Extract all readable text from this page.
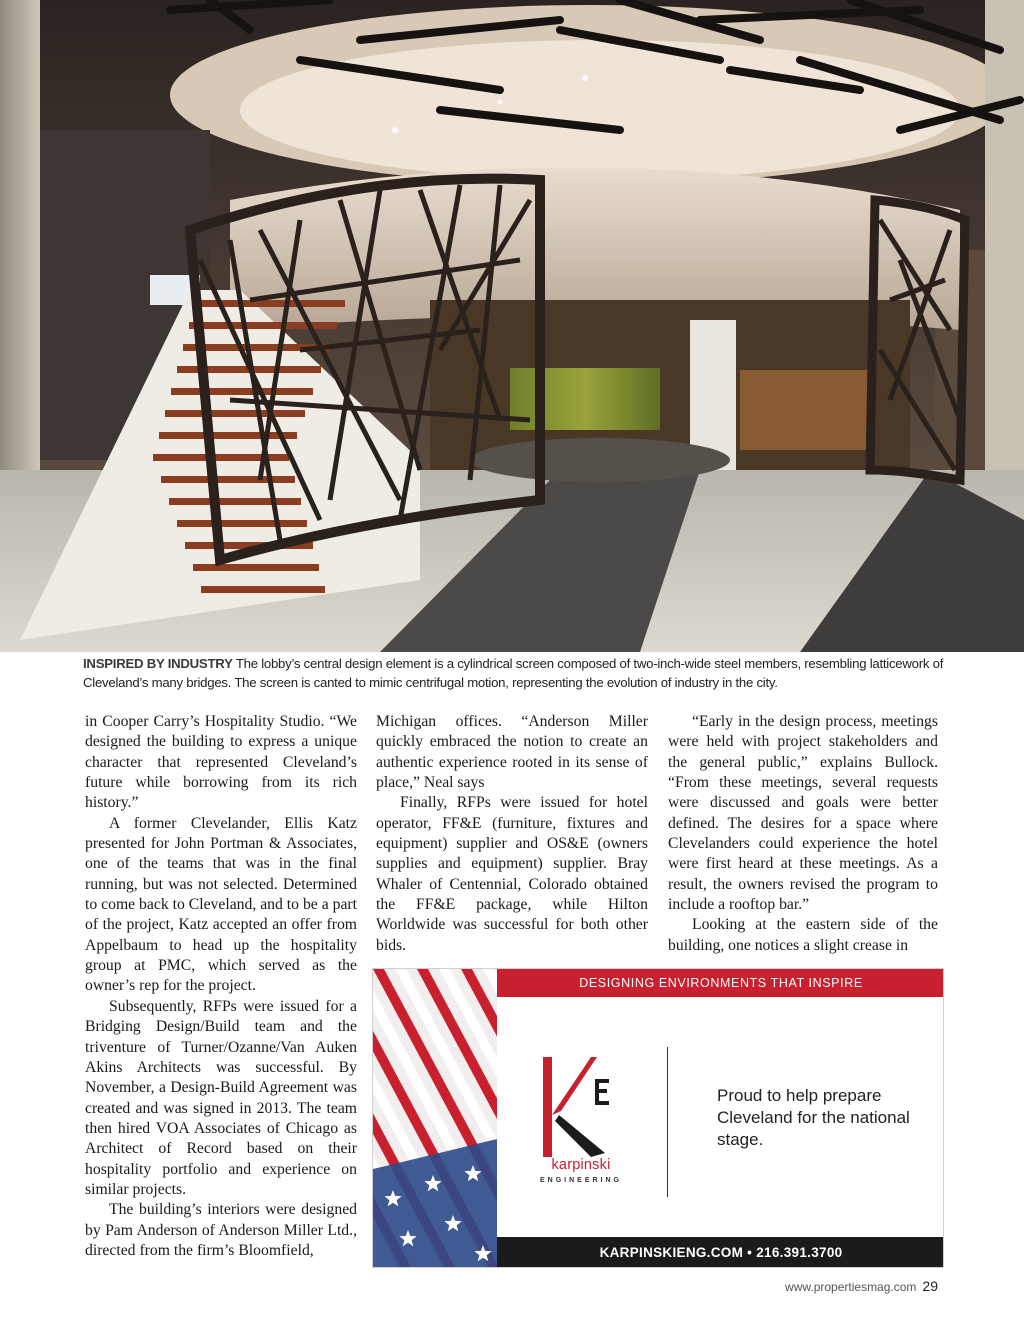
INSPIRED BY INDUSTRY The lobby’s central design element is a cylindrical screen composed of two-inch-wide steel members, resembling latticework of Cleveland’s many bridges. The screen is canted to mimic centrifugal motion, representing the evolution of industry in the city.

in Cooper Carry’s Hospitality Studio. “We designed the building to express a unique character that represented Cleveland’s future while borrowing from its rich history.”

A former Clevelander, Ellis Katz presented for John Portman & Associates, one of the teams that was in the final running, but was not selected. Determined to come back to Cleveland, and to be a part of the project, Katz accepted an offer from Appelbaum to head up the hospitality group at PMC, which served as the owner’s rep for the project.

Subsequently, RFPs were issued for a Bridging Design/Build team and the triventure of Turner/Ozanne/Van Auken Akins Architects was successful. By November, a Design-Build Agreement was created and was signed in 2013. The team then hired VOA Associates of Chicago as Architect of Record based on their hospitality portfolio and experience on similar projects.

The building’s interiors were designed by Pam Anderson of Anderson Miller Ltd., directed from the firm’s Bloomfield,

Michigan offices. “Anderson Miller quickly embraced the notion to create an authentic experience rooted in its sense of place,” Neal says

Finally, RFPs were issued for hotel operator, FF&E (furniture, fixtures and equipment) supplier and OS&E (owners supplies and equipment) supplier. Bray Whaler of Centennial, Colorado obtained the FF&E package, while Hilton Worldwide was successful for both other bids.

“Early in the design process, meetings were held with project stakeholders and the general public,” explains Bullock. “From these meetings, several requests were discussed and goals were better defined. The desires for a space where Clevelanders could experience the hotel were first heard at these meetings. As a result, the owners revised the program to include a rooftop bar.”

Looking at the eastern side of the building, one notices a slight crease in

DESIGNING ENVIRONMENTS THAT INSPIRE
karpinski
ENGINEERING
Proud to help prepare Cleveland for the national stage.
KARPINSKIENG.COM • 216.391.3700
www.propertiesmag.com 29
